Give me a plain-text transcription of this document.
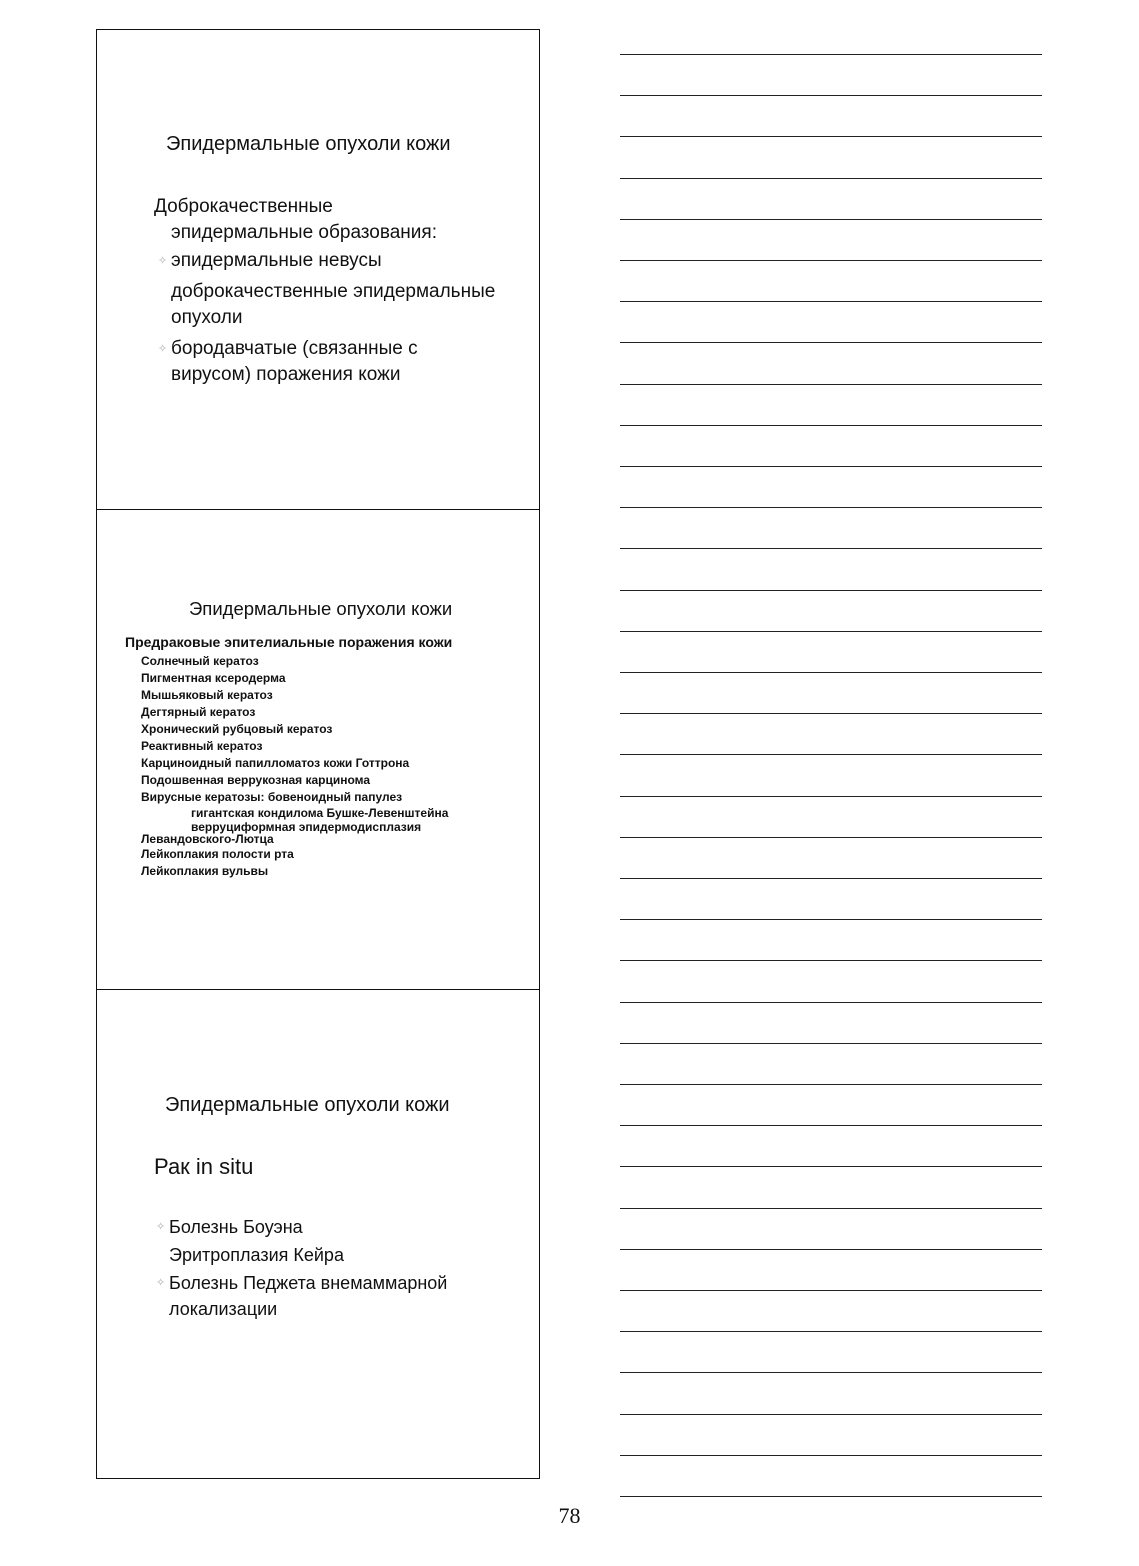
Эпидермальные опухоли кожи
Доброкачественные
эпидермальные образования:
✧ эпидермальные невусы
доброкачественные эпидермальные опухоли
✧ бородавчатые (связанные с вирусом) поражения кожи
Эпидермальные опухоли кожи
Предраковые эпителиальные поражения кожи
Солнечный кератоз
Пигментная ксеродерма
Мышьяковый кератоз
Дегтярный кератоз
Хронический рубцовый кератоз
Реактивный кератоз
Карциноидный папилломатоз кожи Готтрона
Подошвенная веррукозная карцинома
Вирусные кератозы: бовеноидный папулез
гигантская кондилома Бушке-Левенштейна
верруциформная эпидермодисплазия
Левандовского-Лютца
Лейкоплакия полости рта
Лейкоплакия вульвы
Эпидермальные опухоли кожи
Рак in situ
✧ Болезнь Боуэна
Эритроплазия Кейра
✧ Болезнь Педжета внемаммарной локализации
78
